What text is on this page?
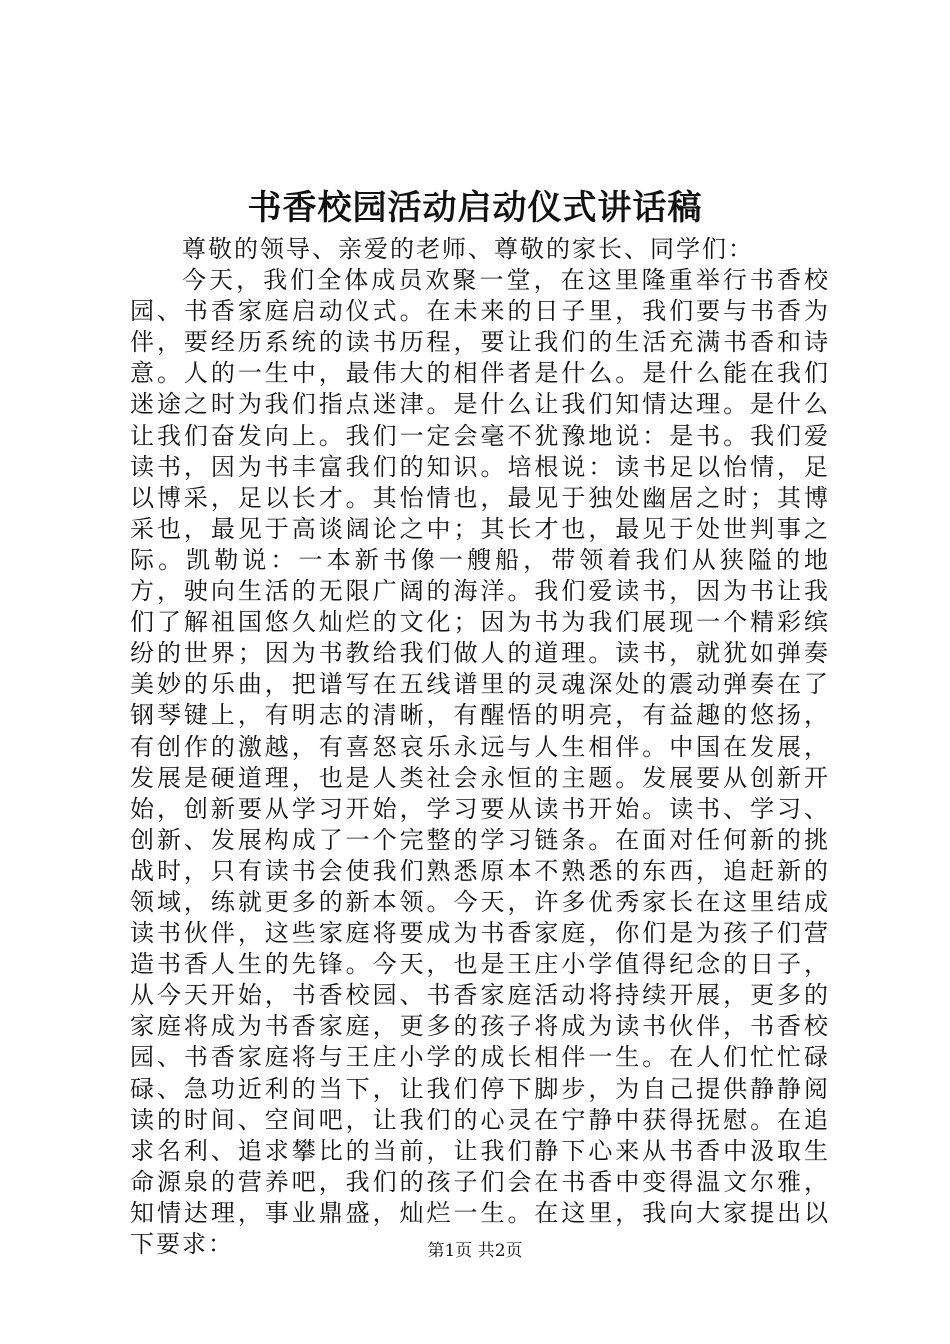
书香校园活动启动仪式讲话稿

尊敬的领导、亲爱的老师、尊敬的家长、同学们：

今天，我们全体成员欢聚一堂，在这里隆重举行书香校园、书香家庭启动仪式。在未来的日子里，我们要与书香为伴，要经历系统的读书历程，要让我们的生活充满书香和诗意。人的一生中，最伟大的相伴者是什么。是什么能在我们迷途之时为我们指点迷津。是什么让我们知情达理。是什么让我们奋发向上。我们一定会毫不犹豫地说：是书。我们爱读书，因为书丰富我们的知识。培根说：读书足以怡情，足以博采，足以长才。其怡情也，最见于独处幽居之时；其博采也，最见于高谈阔论之中；其长才也，最见于处世判事之际。凯勒说：一本新书像一艘船，带领着我们从狭隘的地方，驶向生活的无限广阔的海洋。我们爱读书，因为书让我们了解祖国悠久灿烂的文化；因为书为我们展现一个精彩缤纷的世界；因为书教给我们做人的道理。读书，就犹如弹奏美妙的乐曲，把谱写在五线谱里的灵魂深处的震动弹奏在了钢琴键上，有明志的清晰，有醒悟的明亮，有益趣的悠扬，有创作的激越，有喜怒哀乐永远与人生相伴。中国在发展，发展是硬道理，也是人类社会永恒的主题。发展要从创新开始，创新要从学习开始，学习要从读书开始。读书、学习、创新、发展构成了一个完整的学习链条。在面对任何新的挑战时，只有读书会使我们熟悉原本不熟悉的东西，追赶新的领域，练就更多的新本领。今天，许多优秀家长在这里结成读书伙伴，这些家庭将要成为书香家庭，你们是为孩子们营造书香人生的先锋。今天，也是王庄小学值得纪念的日子，从今天开始，书香校园、书香家庭活动将持续开展，更多的家庭将成为书香家庭，更多的孩子将成为读书伙伴，书香校园、书香家庭将与王庄小学的成长相伴一生。在人们忙忙碌碌、急功近利的当下，让我们停下脚步，为自己提供静静阅读的时间、空间吧，让我们的心灵在宁静中获得抚慰。在追求名利、追求攀比的当前，让我们静下心来从书香中汲取生命源泉的营养吧，我们的孩子们会在书香中变得温文尔雅，知情达理，事业鼎盛，灿烂一生。在这里，我向大家提出以下要求：	第1页 共2页
